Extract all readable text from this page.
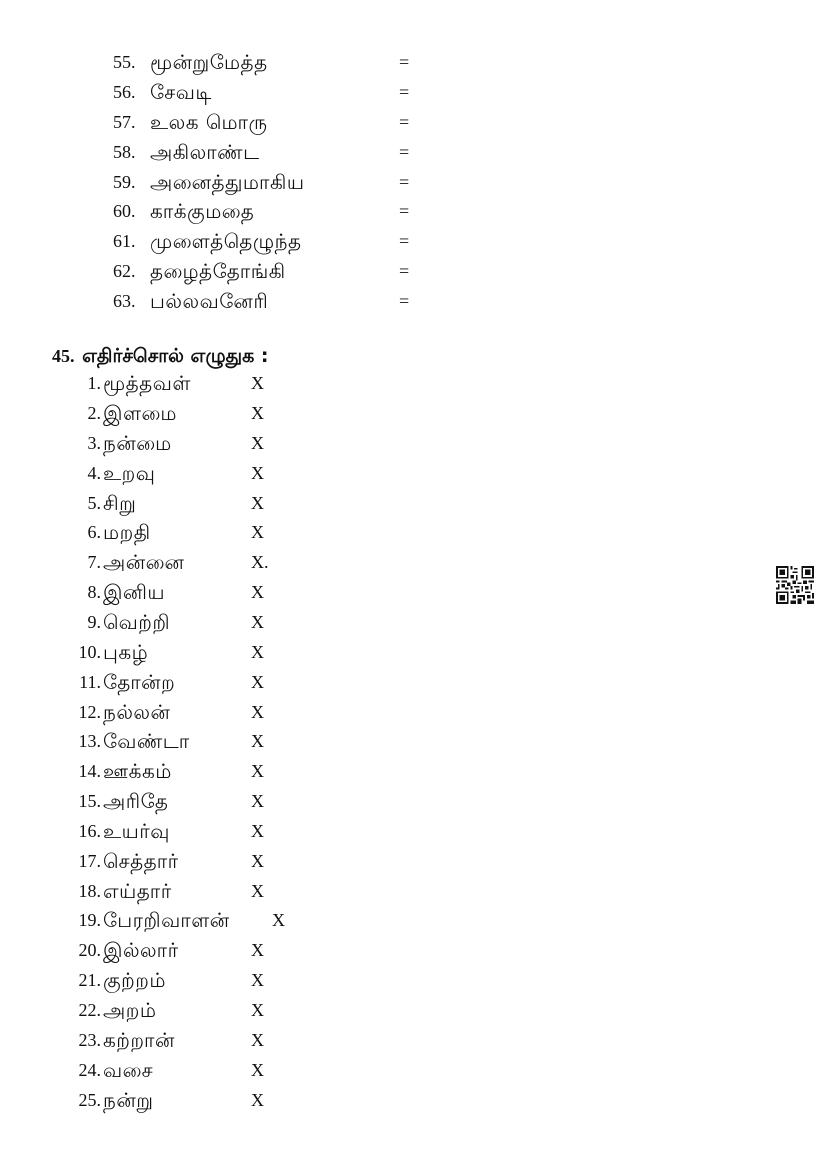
55. மூன்றுமேத்த	=
56. சேவடி	=
57. உலக மொரு	=
58. அகிலாண்ட	=
59. அனைத்துமாகிய	=
60. காக்குமதை	=
61. முளைத்தெழுந்த	=
62. தழைத்தோங்கி	=
63. பல்லவனேரி	=
45. எதிர்ச்சொல் எழுதுக :
1. மூத்தவள்	X
2. இளமை	X
3. நன்மை	X
4. உறவு	X
5. சிறு	X
6. மறதி	X
7. அன்னை	X.
8. இனிய	X
9. வெற்றி	X
10. புகழ்	X
11. தோன்ற	X
12. நல்லன்	X
13. வேண்டா	X
14. ஊக்கம்	X
15. அரிதே	X
16. உயர்வு	X
17. செத்தார்	X
18. எய்தார்	X
19. பேரறிவாளன் X
20. இல்லார்	X
21. குற்றம்	X
22. அறம்	X
23. கற்றான்	X
24. வசை	X
25. நன்று	X
